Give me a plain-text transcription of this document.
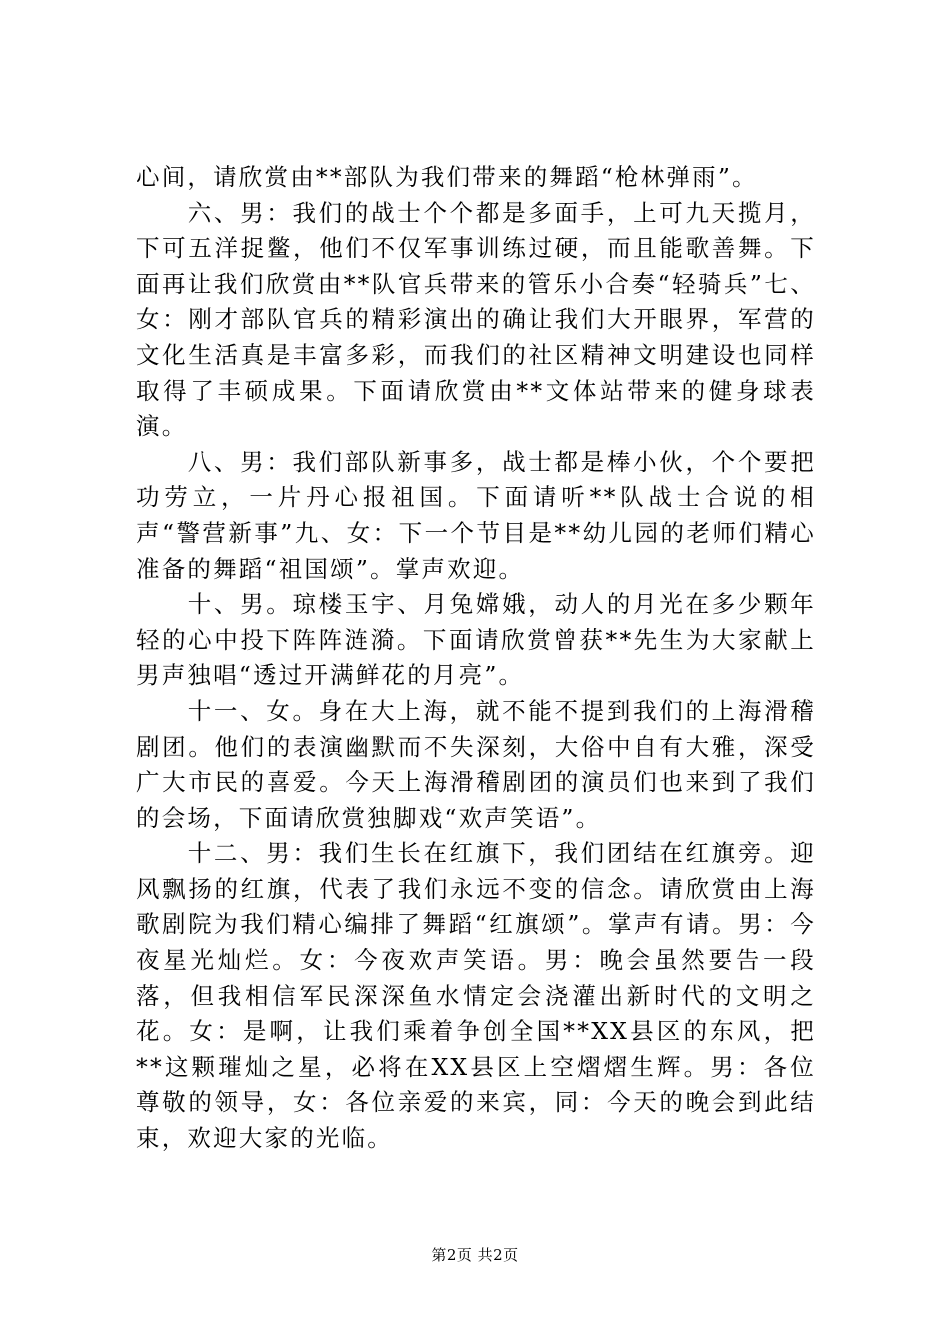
心间，请欣赏由**部队为我们带来的舞蹈“枪林弹雨”。

六、男：我们的战士个个都是多面手，上可九天揽月，下可五洋捉鳖，他们不仅军事训练过硬，而且能歌善舞。下面再让我们欣赏由**队官兵带来的管乐小合奏“轻骑兵”七、女：刚才部队官兵的精彩演出的确让我们大开眼界，军营的文化生活真是丰富多彩，而我们的社区精神文明建设也同样取得了丰硕成果。下面请欣赏由**文体站带来的健身球表演。

八、男：我们部队新事多，战士都是棒小伙，个个要把功劳立，一片丹心报祖国。下面请听**队战士合说的相声“警营新事”九、女：下一个节目是**幼儿园的老师们精心准备的舞蹈“祖国颂”。掌声欢迎。

十、男。琼楼玉宇、月兔嫦娥，动人的月光在多少颗年轻的心中投下阵阵涟漪。下面请欣赏曾获**先生为大家献上男声独唱“透过开满鲜花的月亮”。

十一、女。身在大上海，就不能不提到我们的上海滑稽剧团。他们的表演幽默而不失深刻，大俗中自有大雅，深受广大市民的喜爱。今天上海滑稽剧团的演员们也来到了我们的会场，下面请欣赏独脚戏“欢声笑语”。

十二、男：我们生长在红旗下，我们团结在红旗旁。迎风飘扬的红旗，代表了我们永远不变的信念。请欣赏由上海歌剧院为我们精心编排了舞蹈“红旗颂”。掌声有请。男：今夜星光灿烂。女：今夜欢声笑语。男：晚会虽然要告一段落，但我相信军民深深鱼水情定会浇灌出新时代的文明之花。女：是啊，让我们乘着争创全国**XX县区的东风，把**这颗璀灿之星，必将在XX县区上空熠熠生辉。男：各位尊敬的领导，女：各位亲爱的来宾，同：今天的晚会到此结束，欢迎大家的光临。

第2页 共2页
